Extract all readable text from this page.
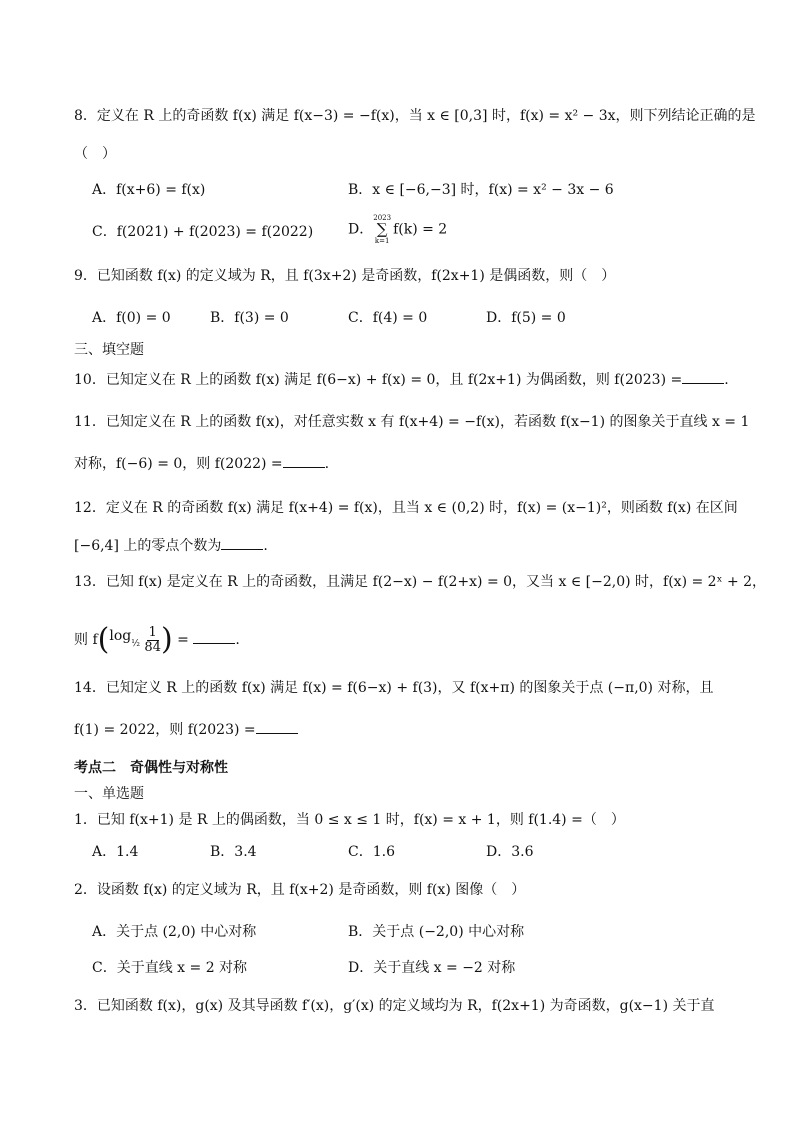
8．定义在 R 上的奇函数 f(x) 满足 f(x−3) = −f(x)，当 x ∈ [0,3] 时，f(x) = x² − 3x，则下列结论正确的是
（　）
A．f(x+6) = f(x)	B．x ∈ [−6,−3] 时，f(x) = x² − 3x − 6
C．f(2021) + f(2023) = f(2022) D．2023
∑
k=1f(k) = 2
9．已知函数 f(x) 的定义域为 R，且 f(3x+2) 是奇函数，f(2x+1) 是偶函数，则（　）
A．f(0) = 0	B．f(3) = 0	C．f(4) = 0	D．f(5) = 0
三、填空题
10．已知定义在 R 上的函数 f(x) 满足 f(6−x) + f(x) = 0，且 f(2x+1) 为偶函数，则 f(2023) =	.
11．已知定义在 R 上的函数 f(x)，对任意实数 x 有 f(x+4) = −f(x)，若函数 f(x−1) 的图象关于直线 x = 1
对称，f(−6) = 0，则 f(2022) =	.
12．定义在 R 的奇函数 f(x) 满足 f(x+4) = f(x)，且当 x ∈ (0,2) 时，f(x) = (x−1)²，则函数 f(x) 在区间
[−6,4] 上的零点个数为	.
13．已知 f(x) 是定义在 R 上的奇函数，且满足 f(2−x) − f(2+x) = 0，又当 x ∈ [−2,0) 时，f(x) = 2ˣ + 2，
则 $f(\log_{\frac{1}{2}} \frac{1}{84})$ =	.
14．已知定义 R 上的函数 f(x) 满足 f(x) = f(6−x) + f(3)，又 f(x+π) 的图象关于点 (−π,0) 对称，且
f(1) = 2022，则 f(2023) =
考点二　奇偶性与对称性
一、单选题
1．已知 f(x+1) 是 R 上的偶函数，当 0 ≤ x ≤ 1 时，f(x) = x + 1，则 f(1.4) =（　）
A．1.4	B．3.4	C．1.6	D．3.6
2．设函数 f(x) 的定义域为 R，且 f(x+2) 是奇函数，则 f(x) 图像（　）
A．关于点 (2,0) 中心对称	B．关于点 (−2,0) 中心对称
C．关于直线 x = 2 对称	D．关于直线 x = −2 对称
3．已知函数 f(x)，g(x) 及其导函数 f′(x)，g′(x) 的定义域均为 R，f(2x+1) 为奇函数，g(x−1) 关于直
